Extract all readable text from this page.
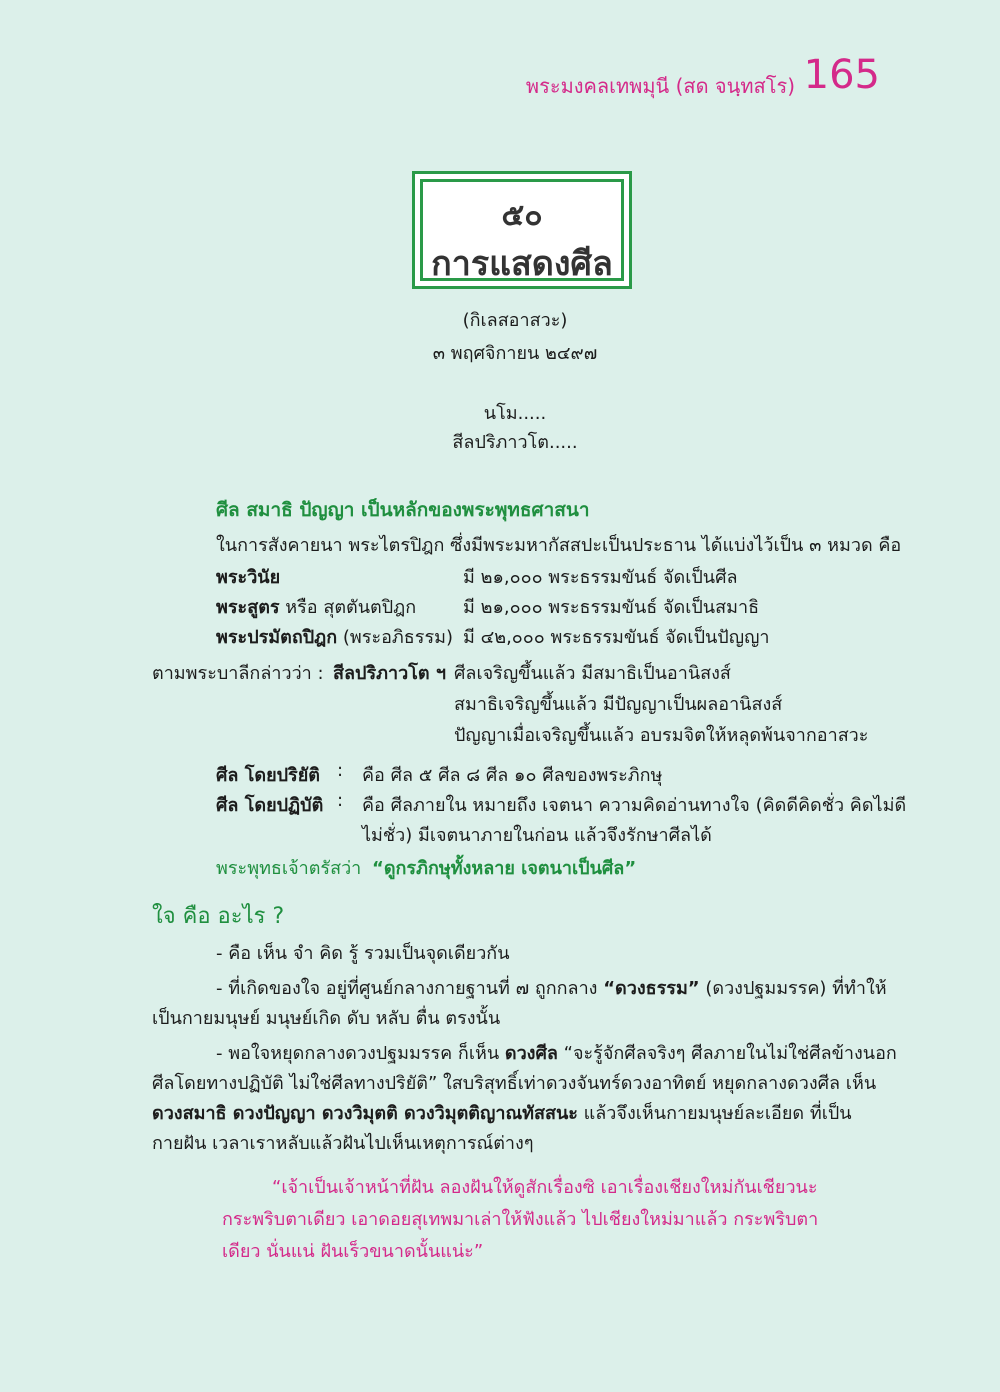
พระมงคลเทพมุนี (สด จนฺทสโร) 165
๕๐
การแสดงศีล
(กิเลสอาสวะ)
๓ พฤศจิกายน ๒๔๙๗
นโม.....
สีลปริภาวโต.....
ศีล สมาธิ ปัญญา เป็นหลักของพระพุทธศาสนา
ในการสังคายนา พระไตรปิฎก ซึ่งมีพระมหากัสสปะเป็นประธาน ได้แบ่งไว้เป็น ๓ หมวด คือ
พระวินัย	มี ๒๑,๐๐๐ พระธรรมขันธ์ จัดเป็นศีล
พระสูตร หรือ สุตตันตปิฎก	มี ๒๑,๐๐๐ พระธรรมขันธ์ จัดเป็นสมาธิ
พระปรมัตถปิฎก (พระอภิธรรม) มี ๔๒,๐๐๐ พระธรรมขันธ์ จัดเป็นปัญญา
ตามพระบาลีกล่าวว่า : สีลปริภาวโต ฯ ศีลเจริญขึ้นแล้ว มีสมาธิเป็นอานิสงส์
สมาธิเจริญขึ้นแล้ว มีปัญญาเป็นผลอานิสงส์
ปัญญาเมื่อเจริญขึ้นแล้ว อบรมจิตให้หลุดพ้นจากอาสวะ
ศีล โดยปริยัติ : คือ ศีล ๕ ศีล ๘ ศีล ๑๐ ศีลของพระภิกษุ
ศีล โดยปฏิบัติ : คือ ศีลภายใน หมายถึง เจตนา ความคิดอ่านทางใจ (คิดดีคิดชั่ว คิดไม่ดี
ไม่ชั่ว) มีเจตนาภายในก่อน แล้วจึงรักษาศีลได้
พระพุทธเจ้าตรัสว่า “ดูกรภิกษุทั้งหลาย เจตนาเป็นศีล”
ใจ คือ อะไร ?
- คือ เห็น จำ คิด รู้ รวมเป็นจุดเดียวกัน
- ที่เกิดของใจ อยู่ที่ศูนย์กลางกายฐานที่ ๗ ถูกกลาง “ดวงธรรม” (ดวงปฐมมรรค) ที่ทำให้
เป็นกายมนุษย์ มนุษย์เกิด ดับ หลับ ตื่น ตรงนั้น
- พอใจหยุดกลางดวงปฐมมรรค ก็เห็น ดวงศีล “จะรู้จักศีลจริงๆ ศีลภายในไม่ใช่ศีลข้างนอก
ศีลโดยทางปฏิบัติ ไม่ใช่ศีลทางปริยัติ” ใสบริสุทธิ์เท่าดวงจันทร์ดวงอาทิตย์ หยุดกลางดวงศีล เห็น
ดวงสมาธิ ดวงปัญญา ดวงวิมุตติ ดวงวิมุตติญาณทัสสนะ แล้วจึงเห็นกายมนุษย์ละเอียด ที่เป็น
กายฝัน เวลาเราหลับแล้วฝันไปเห็นเหตุการณ์ต่างๆ
“เจ้าเป็นเจ้าหน้าที่ฝัน ลองฝันให้ดูสักเรื่องซิ เอาเรื่องเชียงใหม่กันเชียวนะ
กระพริบตาเดียว เอาดอยสุเทพมาเล่าให้ฟังแล้ว ไปเชียงใหม่มาแล้ว กระพริบตา
เดียว นั่นแน่ ฝันเร็วขนาดนั้นแน่ะ”
